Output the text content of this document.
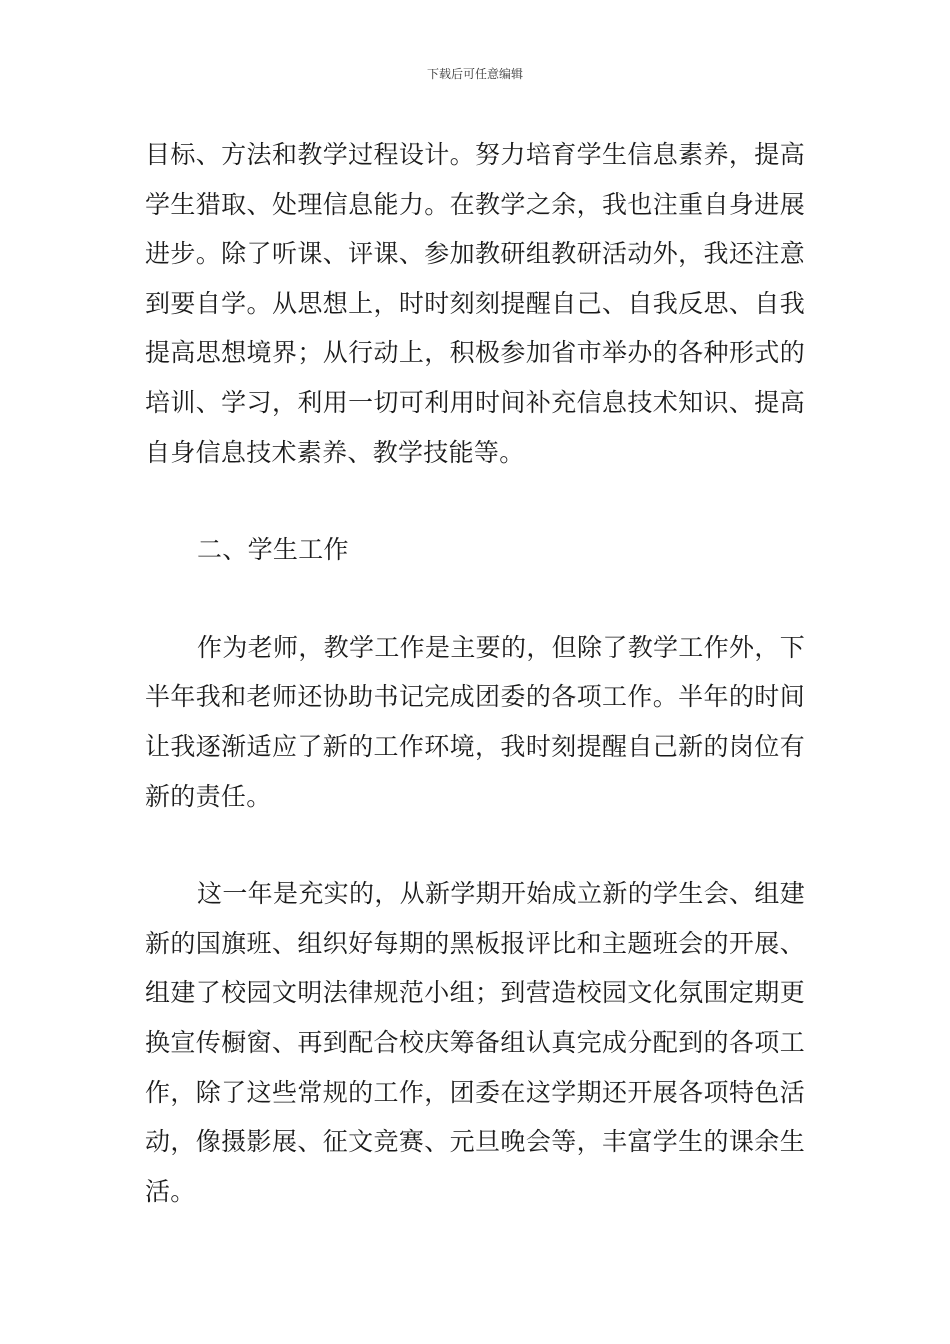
下载后可任意编辑

目标、方法和教学过程设计。努力培育学生信息素养，提高学生猎取、处理信息能力。在教学之余，我也注重自身进展进步。除了听课、评课、参加教研组教研活动外，我还注意到要自学。从思想上，时时刻刻提醒自己、自我反思、自我提高思想境界；从行动上，积极参加省市举办的各种形式的培训、学习，利用一切可利用时间补充信息技术知识、提高自身信息技术素养、教学技能等。

二、学生工作

作为老师，教学工作是主要的，但除了教学工作外，下半年我和老师还协助书记完成团委的各项工作。半年的时间让我逐渐适应了新的工作环境，我时刻提醒自己新的岗位有新的责任。

这一年是充实的，从新学期开始成立新的学生会、组建新的国旗班、组织好每期的黑板报评比和主题班会的开展、组建了校园文明法律规范小组；到营造校园文化氛围定期更换宣传橱窗、再到配合校庆筹备组认真完成分配到的各项工作，除了这些常规的工作，团委在这学期还开展各项特色活动，像摄影展、征文竞赛、元旦晚会等，丰富学生的课余生活。
